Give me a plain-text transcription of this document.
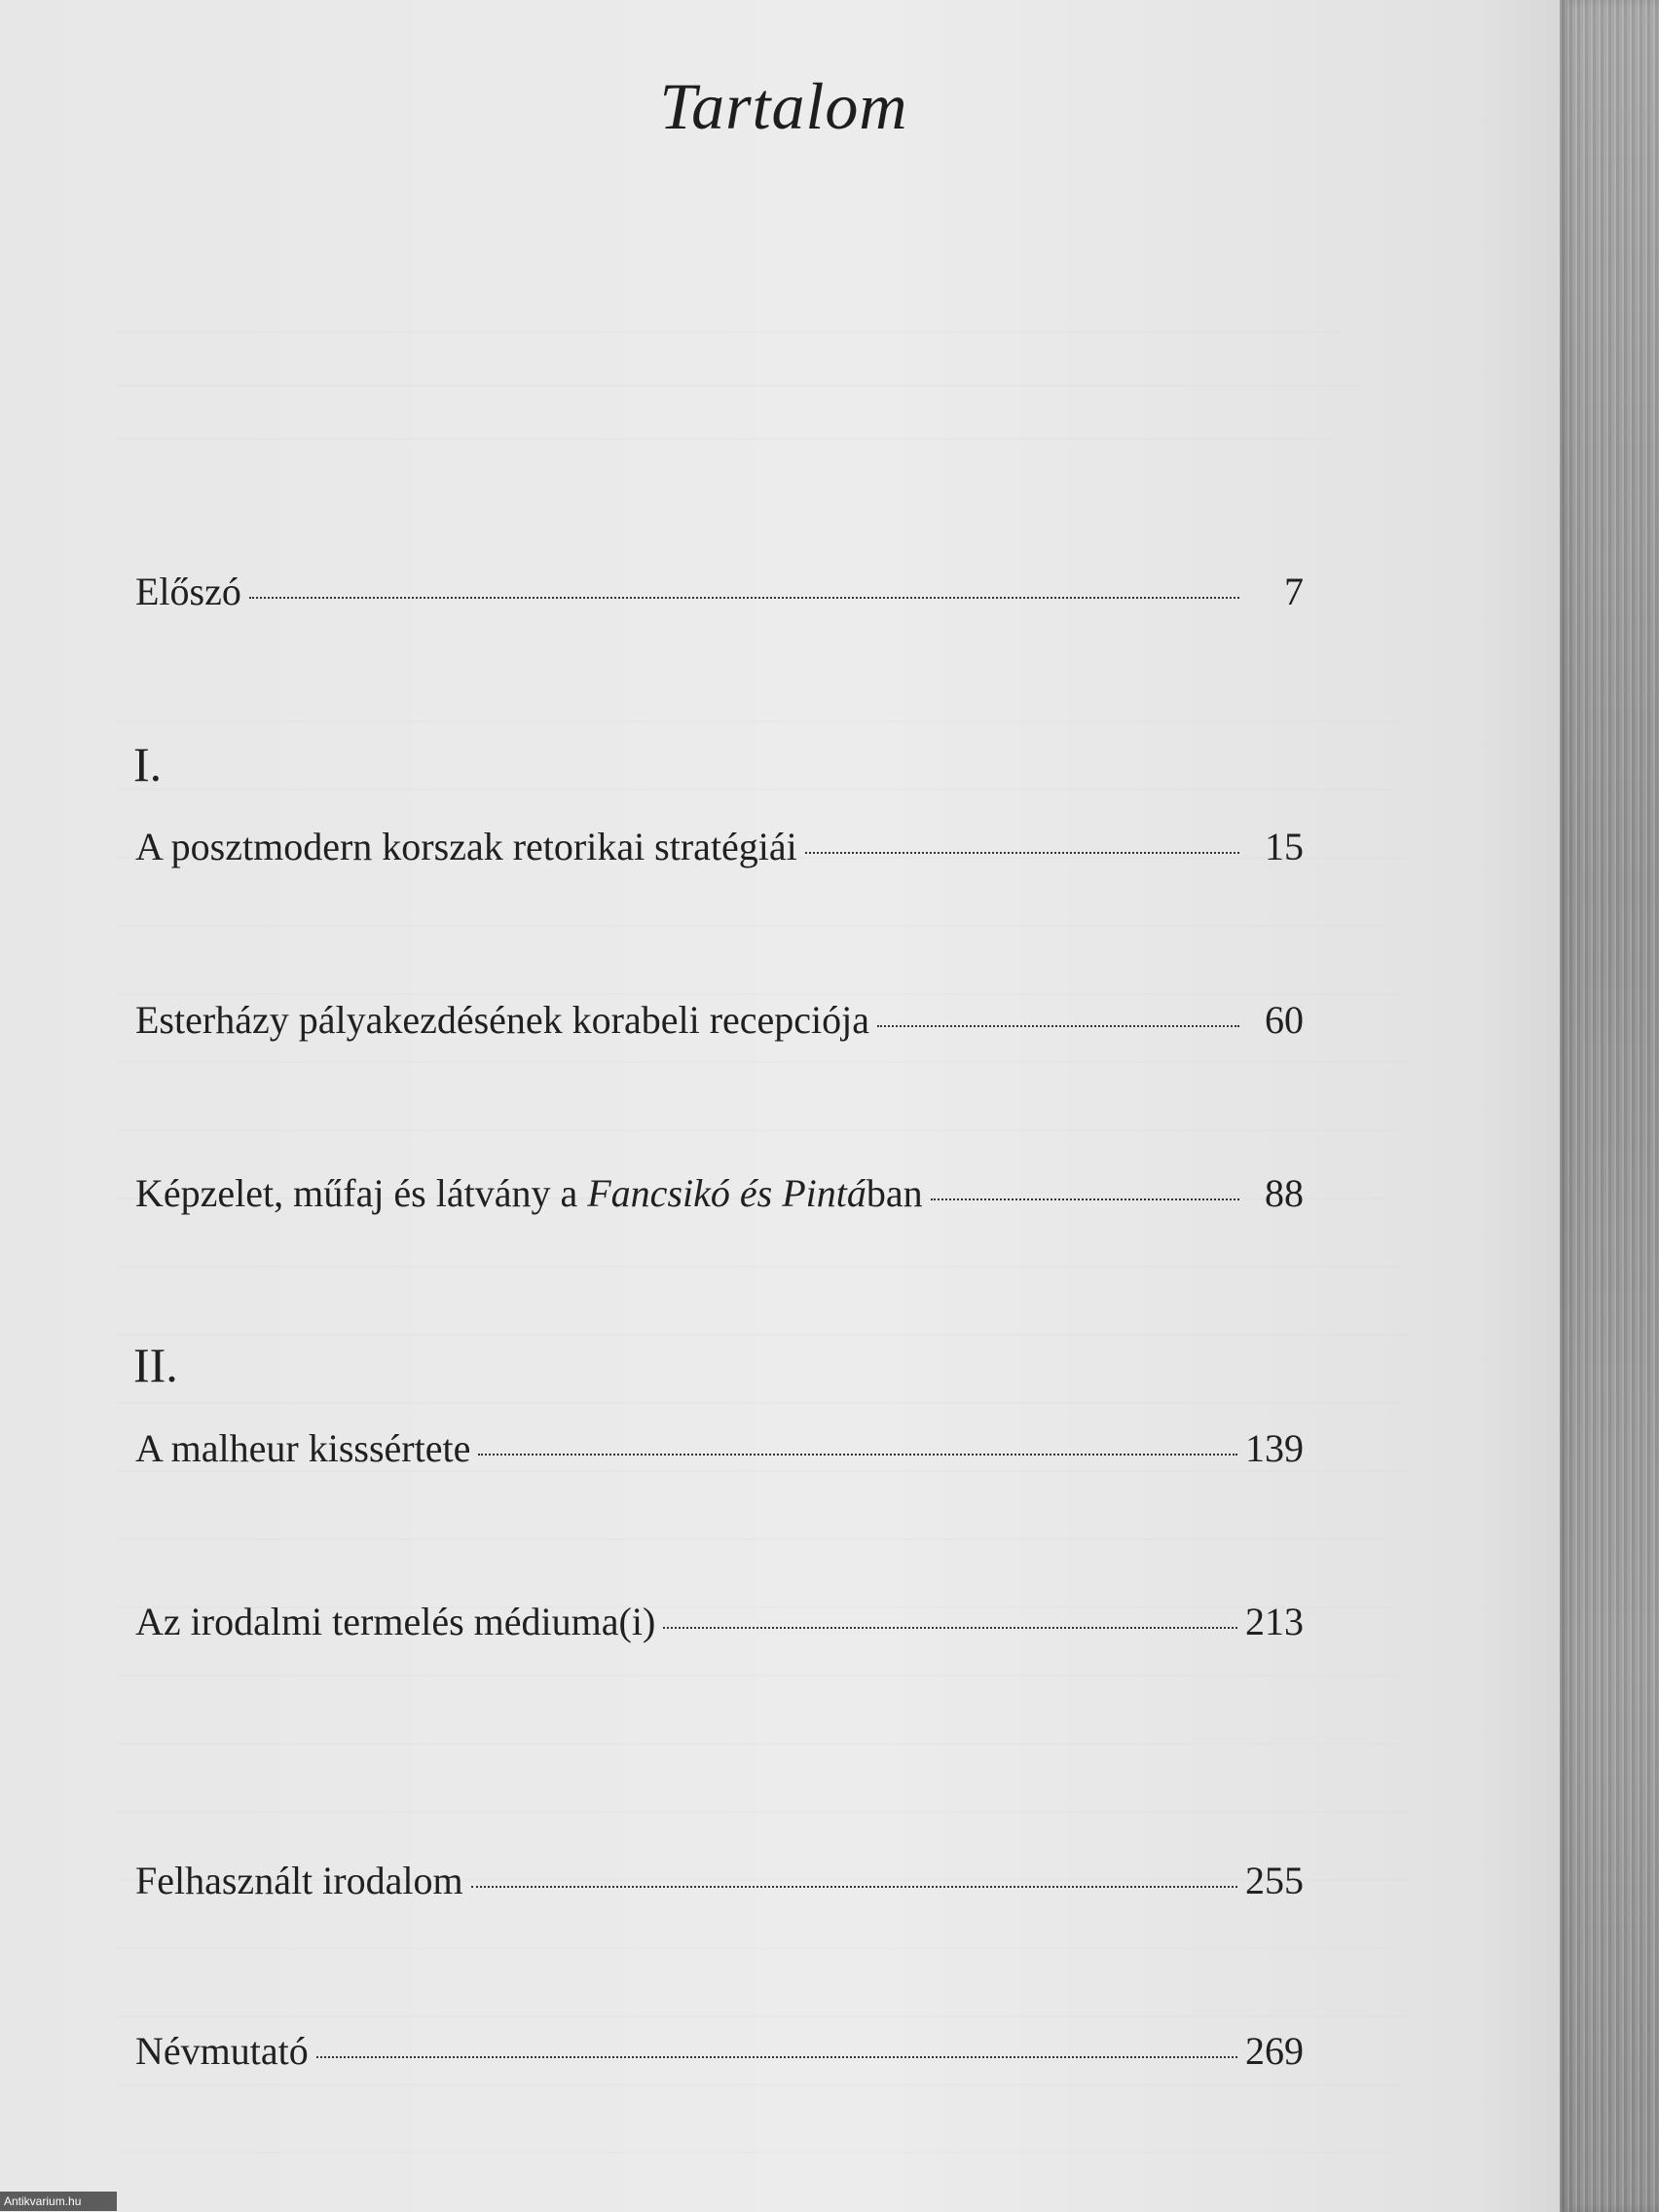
Tartalom
Előszó	7
I.
A posztmodern korszak retorikai stratégiái	15
Esterházy pályakezdésének korabeli recepciója	60
Képzelet, műfaj és látvány a Fancsikó és Pintában	88
II.
A malheur kisssértete	139
Az irodalmi termelés médiuma(i)	213
Felhasznált irodalom	255
Névmutató	269
Antikvarium.hu
